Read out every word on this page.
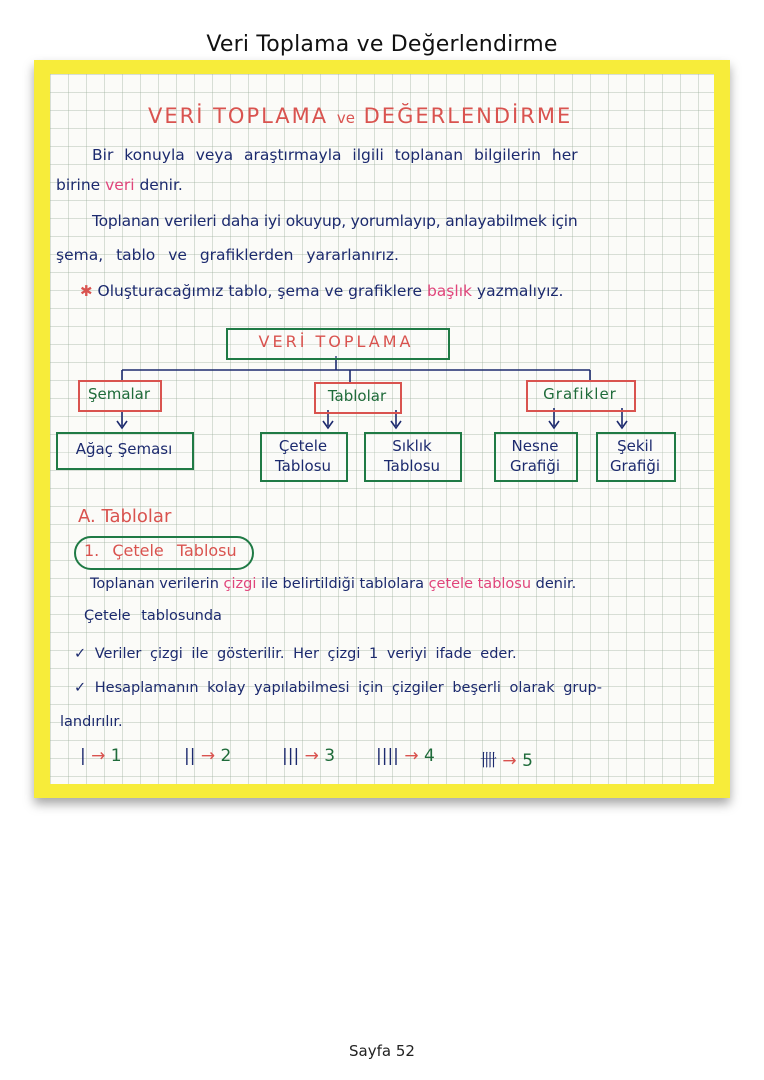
Veri Toplama ve Değerlendirme
VERİ TOPLAMA ve DEĞERLENDİRME
Bir konuyla veya araştırmayla ilgili toplanan bilgilerin her
birine veri denir.
Toplanan verileri daha iyi okuyup, yorumlayıp, anlayabilmek için
şema, tablo ve grafiklerden yararlanırız.
✱ Oluşturacağımız tablo, şema ve grafiklere başlık yazmalıyız.
VERİ TOPLAMA
Şemalar	Tablolar	Grafikler
Ağaç Şeması	Çetele
Tablosu
Sıklık
Tablosu
Nesne
Grafiği
Şekil
Grafiği
A. Tablolar
1. Çetele Tablosu
Toplanan verilerin çizgi ile belirtildiği tablolara çetele tablosu denir.
Çetele tablosunda
✓ Veriler çizgi ile gösterilir. Her çizgi 1 veriyi ifade eder.
✓ Hesaplamanın kolay yapılabilmesi için çizgiler beşerli olarak grup-
landırılır.
| → 1	|| → 2	||| → 3 |||| → 4	卌 → 5
Sayfa 52
